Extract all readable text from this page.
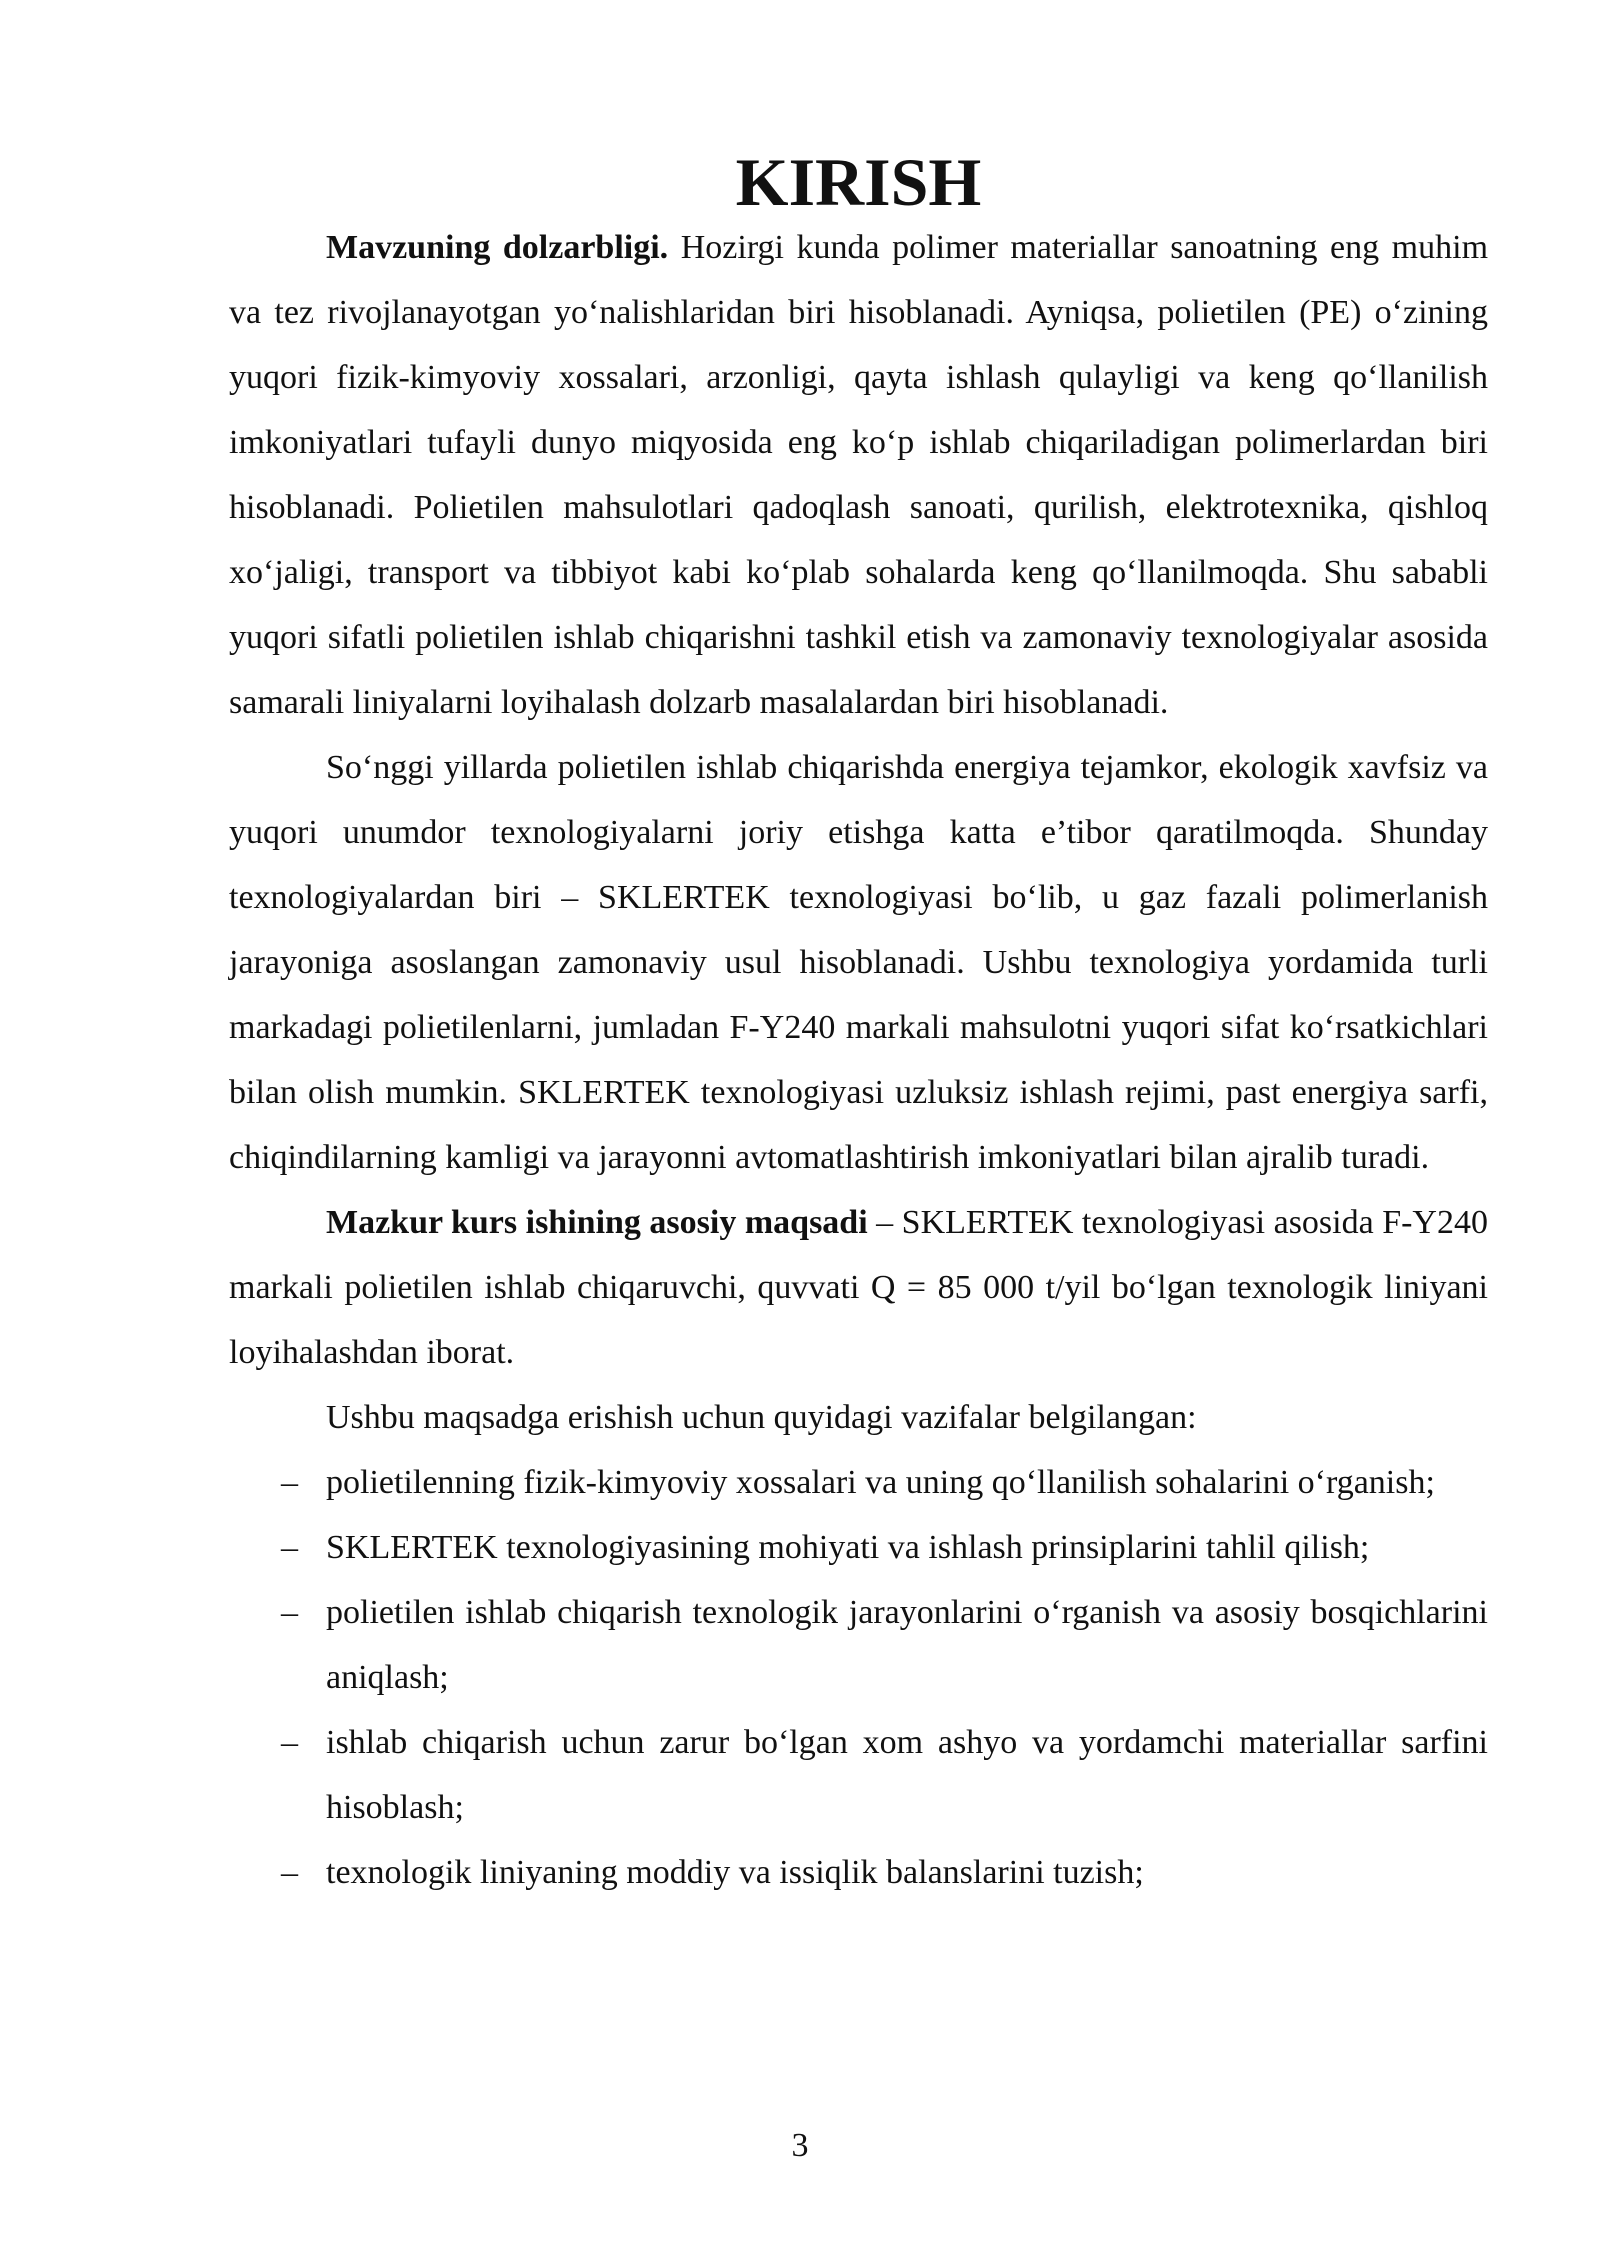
KIRISH

Mavzuning dolzarbligi. Hozirgi kunda polimer materiallar sanoatning eng muhim va tez rivojlanayotgan yo‘nalishlaridan biri hisoblanadi. Ayniqsa, polietilen (PE) o‘zining yuqori fizik-kimyoviy xossalari, arzonligi, qayta ishlash qulayligi va keng qo‘llanilish imkoniyatlari tufayli dunyo miqyosida eng ko‘p ishlab chiqariladigan polimerlardan biri hisoblanadi. Polietilen mahsulotlari qadoqlash sanoati, qurilish, elektrotexnika, qishloq xo‘jaligi, transport va tibbiyot kabi ko‘plab sohalarda keng qo‘llanilmoqda. Shu sababli yuqori sifatli polietilen ishlab chiqarishni tashkil etish va zamonaviy texnologiyalar asosida samarali liniyalarni loyihalash dolzarb masalalardan biri hisoblanadi.

So‘nggi yillarda polietilen ishlab chiqarishda energiya tejamkor, ekologik xavfsiz va yuqori unumdor texnologiyalarni joriy etishga katta e’tibor qaratilmoqda. Shunday texnologiyalardan biri – SKLERTEK texnologiyasi bo‘lib, u gaz fazali polimerlanish jarayoniga asoslangan zamonaviy usul hisoblanadi. Ushbu texnologiya yordamida turli markadagi polietilenlarni, jumladan F-Y240 markali mahsulotni yuqori sifat ko‘rsatkichlari bilan olish mumkin. SKLERTEK texnologiyasi uzluksiz ishlash rejimi, past energiya sarfi, chiqindilarning kamligi va jarayonni avtomatlashtirish imkoniyatlari bilan ajralib turadi.

Mazkur kurs ishining asosiy maqsadi – SKLERTEK texnologiyasi asosida F-Y240 markali polietilen ishlab chiqaruvchi, quvvati Q = 85 000 t/yil bo‘lgan texnologik liniyani loyihalashdan iborat.

Ushbu maqsadga erishish uchun quyidagi vazifalar belgilangan:

– polietilenning fizik-kimyoviy xossalari va uning qo‘llanilish sohalarini o‘rganish;
– SKLERTEK texnologiyasining mohiyati va ishlash prinsiplarini tahlil qilish;
– polietilen ishlab chiqarish texnologik jarayonlarini o‘rganish va asosiy bosqichlarini aniqlash;
– ishlab chiqarish uchun zarur bo‘lgan xom ashyo va yordamchi materiallar sarfini hisoblash;
– texnologik liniyaning moddiy va issiqlik balanslarini tuzish;
3
